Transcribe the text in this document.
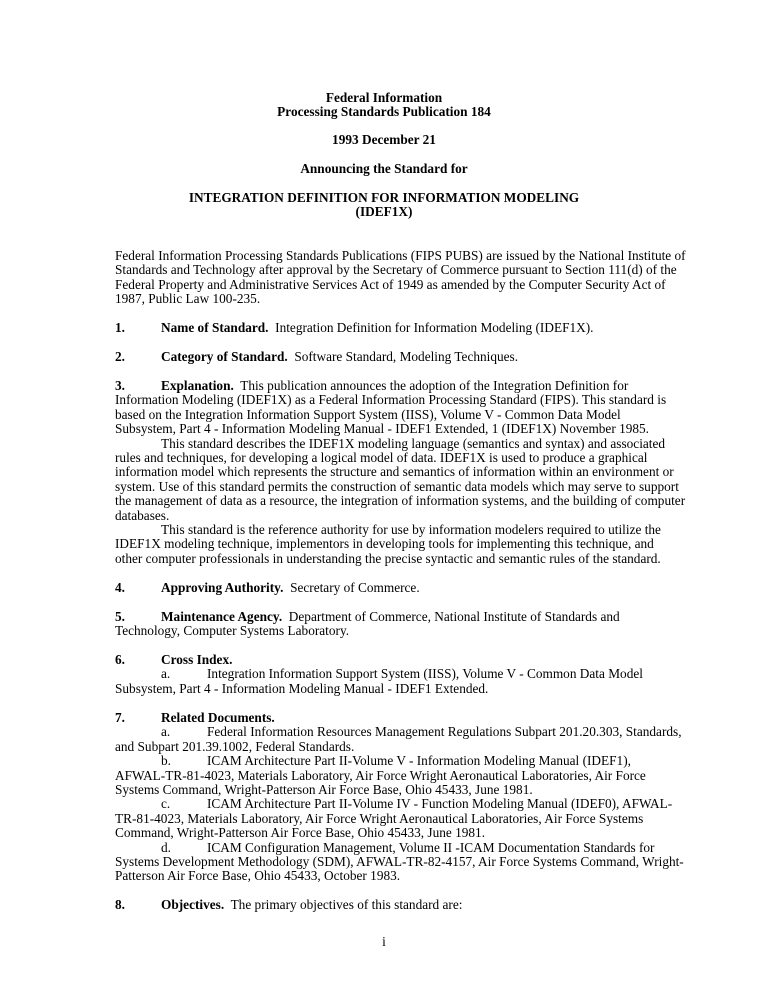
Federal Information
Processing Standards Publication 184
1993 December 21
Announcing the Standard for
INTEGRATION DEFINITION FOR INFORMATION MODELING
(IDEF1X)
Federal Information Processing Standards Publications (FIPS PUBS) are issued by the National Institute of
Standards and Technology after approval by the Secretary of Commerce pursuant to Section 111(d) of the
Federal Property and Administrative Services Act of 1949 as amended by the Computer Security Act of
1987, Public Law 100-235.
1.	Name of Standard.  Integration Definition for Information Modeling (IDEF1X).
2.	Category of Standard.  Software Standard, Modeling Techniques.
3.	Explanation.  This publication announces the adoption of the Integration Definition for
Information Modeling (IDEF1X) as a Federal Information Processing Standard (FIPS). This standard is
based on the Integration Information Support System (IISS), Volume V - Common Data Model
Subsystem, Part 4 - Information Modeling Manual - IDEF1 Extended, 1 (IDEF1X) November 1985.
This standard describes the IDEF1X modeling language (semantics and syntax) and associated
rules and techniques, for developing a logical model of data. IDEF1X is used to produce a graphical
information model which represents the structure and semantics of information within an environment or
system. Use of this standard permits the construction of semantic data models which may serve to support
the management of data as a resource, the integration of information systems, and the building of computer
databases.
This standard is the reference authority for use by information modelers required to utilize the
IDEF1X modeling technique, implementors in developing tools for implementing this technique, and
other computer professionals in understanding the precise syntactic and semantic rules of the standard.
4.	Approving Authority.  Secretary of Commerce.
5.	Maintenance Agency.  Department of Commerce, National Institute of Standards and
Technology, Computer Systems Laboratory.
6.	Cross Index.
a.	Integration Information Support System (IISS), Volume V - Common Data Model
Subsystem, Part 4 - Information Modeling Manual - IDEF1 Extended.
7.	Related Documents.
a.	Federal Information Resources Management Regulations Subpart 201.20.303, Standards,
and Subpart 201.39.1002, Federal Standards.
b.	ICAM Architecture Part II-Volume V - Information Modeling Manual (IDEF1),
AFWAL-TR-81-4023, Materials Laboratory, Air Force Wright Aeronautical Laboratories, Air Force
Systems Command, Wright-Patterson Air Force Base, Ohio 45433, June 1981.
c.	ICAM Architecture Part II-Volume IV - Function Modeling Manual (IDEF0), AFWAL-
TR-81-4023, Materials Laboratory, Air Force Wright Aeronautical Laboratories, Air Force Systems
Command, Wright-Patterson Air Force Base, Ohio 45433, June 1981.
d.	ICAM Configuration Management, Volume II -ICAM Documentation Standards for
Systems Development Methodology (SDM), AFWAL-TR-82-4157, Air Force Systems Command, Wright-
Patterson Air Force Base, Ohio 45433, October 1983.
8.	Objectives.  The primary objectives of this standard are:
i
